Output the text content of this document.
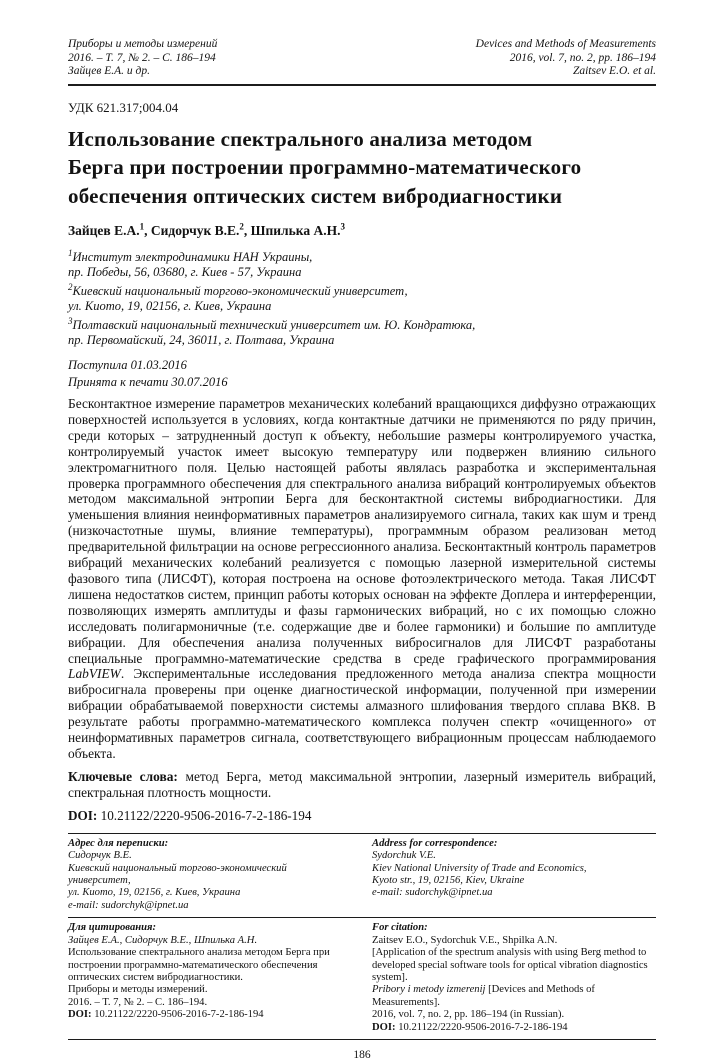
Приборы и методы измерений
2016. – Т. 7, № 2. – С. 186–194
Зайцев Е.А. и др.
Devices and Methods of Measurements
2016, vol. 7, no. 2, pp. 186–194
Zaitsev E.O. et al.
УДК 621.317;004.04
Использование спектрального анализа методом
Берга при построении программно-математического
обеспечения оптических систем вибродиагностики
Зайцев Е.А.$^1$, Сидорчук В.Е.$^2$, Шпилька А.Н.$^3$
$^1$Институт электродинамики НАН Украины,
пр. Победы, 56, 03680, г. Киев - 57, Украина
$^2$Киевский национальный торгово-экономический университет,
ул. Киото, 19, 02156, г. Киев, Украина
$^3$Полтавский национальный технический университет им. Ю. Кондратюка,
пр. Первомайский, 24, 36011, г. Полтава, Украина
Поступила 01.03.2016
Принята к печати 30.07.2016
Бесконтактное измерение параметров механических колебаний вращающихся диффузно отражающих поверхностей используется в условиях, когда контактные датчики не применяются по ряду причин, среди которых – затрудненный доступ к объекту, небольшие размеры контролируемого участка, контролируемый участок имеет высокую температуру или подвержен влиянию сильного электромагнитного поля. Целью настоящей работы являлась разработка и экспериментальная проверка программного обеспечения для спектрального анализа вибраций контролируемых объектов методом максимальной энтропии Берга для бесконтактной системы вибродиагностики. Для уменьшения влияния неинформативных параметров анализируемого сигнала, таких как шум и тренд (низкочастотные шумы, влияние температуры), программным образом реализован метод предварительной фильтрации на основе регрессионного анализа. Бесконтактный контроль параметров вибраций механических колебаний реализуется с помощью лазерной измерительной системы фазового типа (ЛИСФТ), которая построена на основе фотоэлектрического метода. Такая ЛИСФТ лишена недостатков систем, принцип работы которых основан на эффекте Доплера и интерференции, позволяющих измерять амплитуды и фазы гармонических вибраций, но с их помощью сложно исследовать полигармоничные (т.е. содержащие две и более гармоники) и большие по амплитуде вибрации. Для обеспечения анализа полученных вибросигналов для ЛИСФТ разработаны специальные программно-математические средства в среде графического программирования LabVIEW. Экспериментальные исследования предложенного метода анализа спектра мощности вибросигнала проверены при оценке диагностической информации, полученной при измерении вибрации обрабатываемой поверхности системы алмазного шлифования твердого сплава ВК8. В результате работы программно-математического комплекса получен спектр «очищенного» от неинформативных параметров сигнала, соответствующего вибрационным процессам наблюдаемого объекта.
Ключевые слова: метод Берга, метод максимальной энтропии, лазерный измеритель вибраций, спектральная плотность мощности.
DOI: 10.21122/2220-9506-2016-7-2-186-194
Адрес для переписки:
Сидорчук В.Е.
Киевский национальный торгово-экономический университет,
ул. Киото, 19, 02156, г. Киев, Украина
e-mail: sudorchyk@ipnet.ua
Address for correspondence:
Sydorchuk V.E.
Kiev National University of Trade and Economics,
Kyoto str., 19, 02156, Kiev, Ukraine
e-mail: sudorchyk@ipnet.ua
Для цитирования:
Зайцев Е.А., Сидорчук В.Е., Шпилька А.Н.
Использование спектрального анализа методом Берга при построении программно-математического обеспечения оптических систем вибродиагностики.
Приборы и методы измерений.
2016. – Т. 7, № 2. – С. 186–194.
DOI: 10.21122/2220-9506-2016-7-2-186-194
For citation:
Zaitsev E.O., Sydorchuk V.E., Shpilka A.N.
[Application of the spectrum analysis with using Berg method to developed special software tools for optical vibration diagnostics system].
Pribory i metody izmerenij [Devices and Methods of Measurements].
2016, vol. 7, no. 2, pp. 186–194 (in Russian).
DOI: 10.21122/2220-9506-2016-7-2-186-194
186
